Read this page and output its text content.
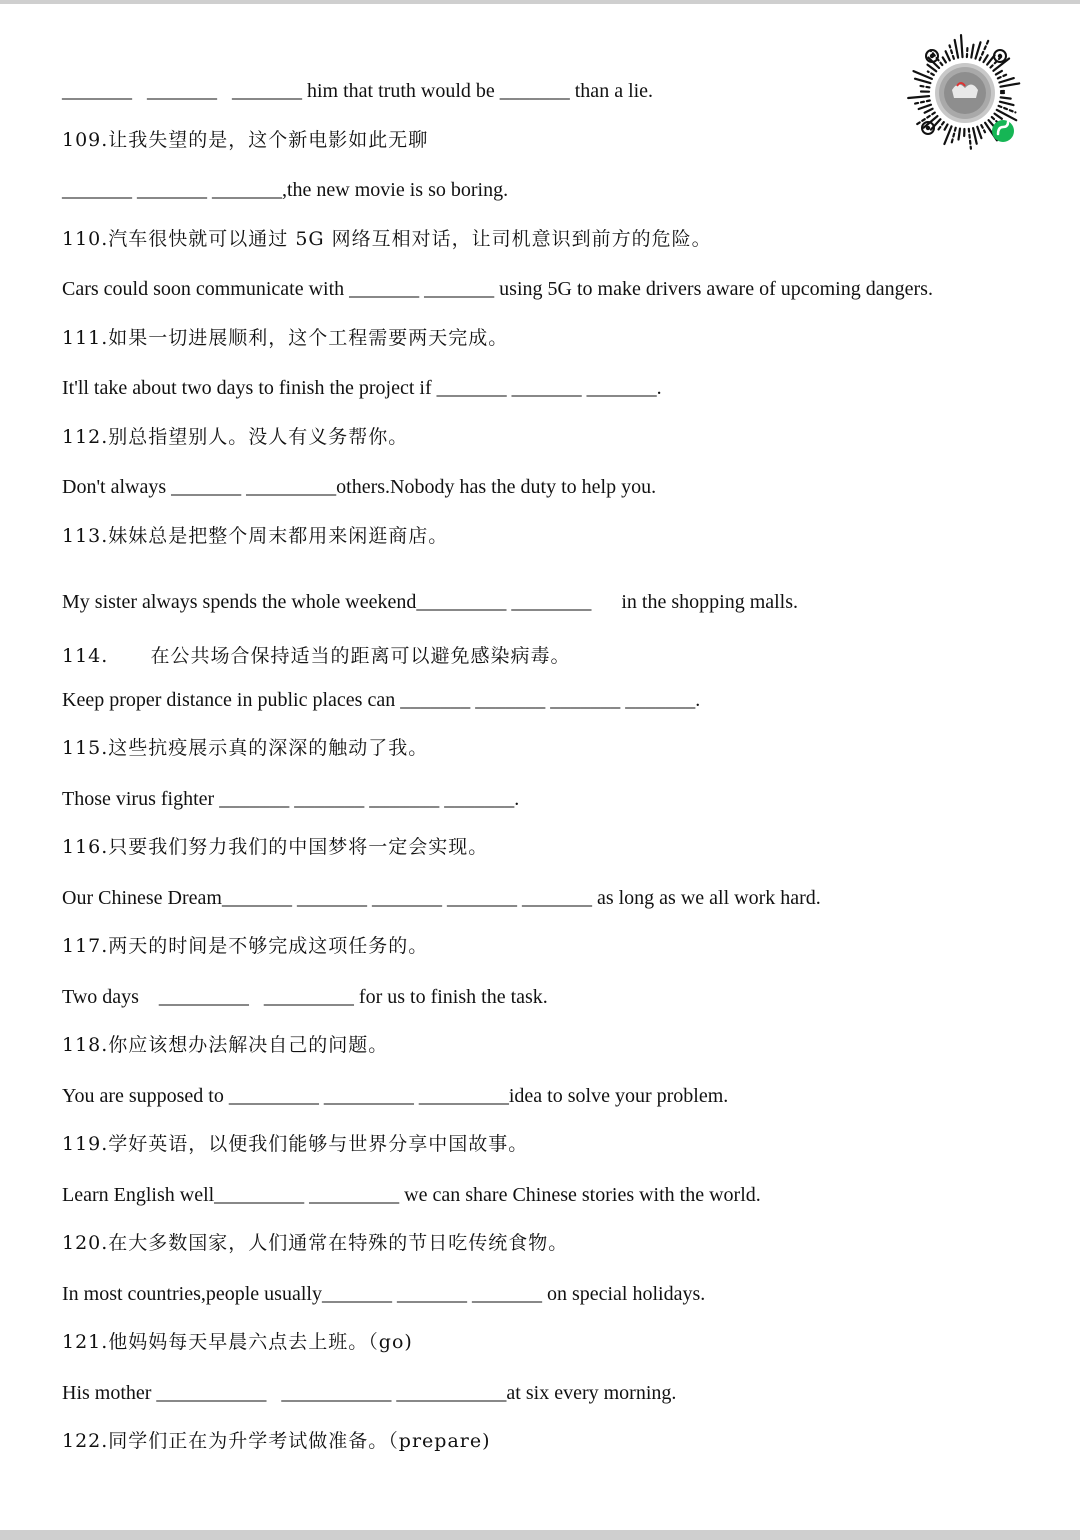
_______   _______   _______ him that truth would be _______ than a lie.
109.让我失望的是，这个新电影如此无聊
_______ _______ _______,the new movie is so boring.
110.汽车很快就可以通过 5G 网络互相对话，让司机意识到前方的危险。
Cars could soon communicate with _______ _______ using 5G to make drivers aware of upcoming dangers.
111.如果一切进展顺利，这个工程需要两天完成。
It'll take about two days to finish the project if _______ _______ _______.
112.别总指望别人。没人有义务帮你。
Don't always _______ _________others.Nobody has the duty to help you.
113.妹妹总是把整个周末都用来闲逛商店。
My sister always spends the whole weekend_________ ________      in the shopping malls.
114.      在公共场合保持适当的距离可以避免感染病毒。
Keep proper distance in public places can _______ _______ _______ _______.
115.这些抗疫展示真的深深的触动了我。
Those virus fighter _______ _______ _______ _______.
116.只要我们努力我们的中国梦将一定会实现。
Our Chinese Dream_______ _______ _______ _______ _______ as long as we all work hard.
117.两天的时间是不够完成这项任务的。
Two days    _________   _________ for us to finish the task.
118.你应该想办法解决自己的问题。
You are supposed to _________ _________ _________idea to solve your problem.
119.学好英语，以便我们能够与世界分享中国故事。
Learn English well_________ _________ we can share Chinese stories with the world.
120.在大多数国家，人们通常在特殊的节日吃传统食物。
In most countries,people usually_______ _______ _______ on special holidays.
121.他妈妈每天早晨六点去上班。（go)
His mother ___________   ___________ ___________at six every morning.
122.同学们正在为升学考试做准备。（prepare)
